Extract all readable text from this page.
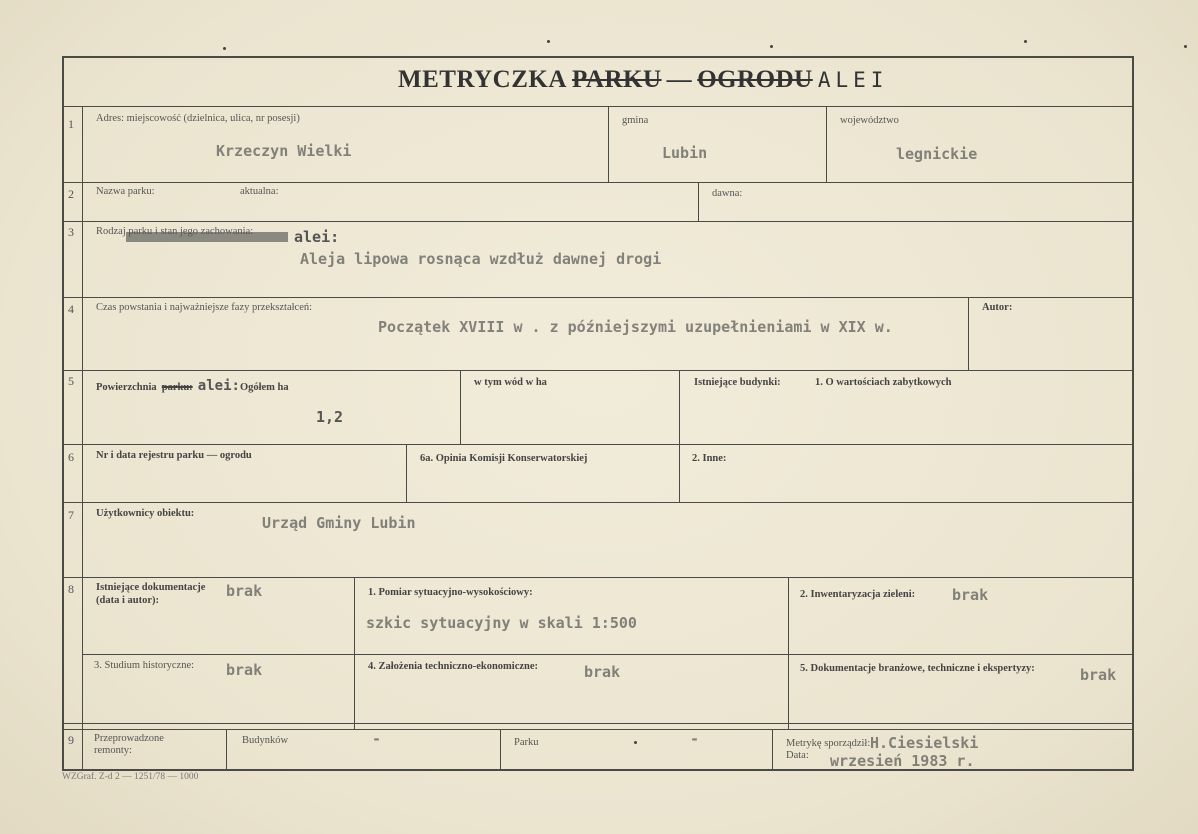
METRYCZKA PARKU — OGRODU ALEI
1 Adres: miejscowość (dzielnica, ulica, nr posesji)
Krzeczyn Wielki
gmina
Lubin
województwo
legnickie
2 Nazwa parku:	aktualna:	dawna:
3 Rodzaj parku i stan jego zachowania:	alei:
Aleja lipowa rosnąca wzdłuż dawnej drogi
4 Czas powstania i najważniejsze fazy przekształceń:
Początek XVIII w . z późniejszymi uzupełnieniami w XIX w.
Autor:
5 Powierzchnia parku: alei:Ogółem ha
1,2
w tym wód w ha	Istniejące budynki:	1. O wartościach zabytkowych
6 Nr i data rejestru parku — ogrodu	6a. Opinia Komisji Konserwatorskiej	2. Inne:
7 Użytkownicy obiektu:
Urząd Gminy Lubin
8 Istniejące dokumentacje
(data i autor):
brak	1. Pomiar sytuacyjno-wysokościowy:
szkic sytuacyjny w skali 1:500
2. Inwentaryzacja zieleni: brak
3. Studium historyczne: brak	4. Założenia techniczno-ekonomiczne:	brak	5. Dokumentacje branżowe, techniczne i ekspertyzy:	brak
9 Przeprowadzone
remonty:
Budynków	-	Parku	-	Metrykę sporządził: H.Ciesielski
Data: wrzesień 1983 r.
WZGraf. Z-d 2 — 1251/78 — 1000
